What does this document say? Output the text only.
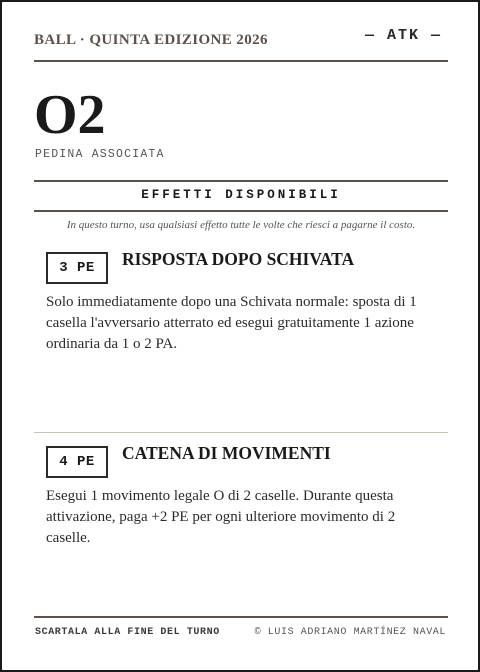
BALL · QUINTA EDIZIONE 2026	— ATK —
O2
PEDINA ASSOCIATA
EFFETTI DISPONIBILI
In questo turno, usa qualsiasi effetto tutte le volte che riesci a pagarne il costo.
3 PE	RISPOSTA DOPO SCHIVATA
Solo immediatamente dopo una Schivata normale: sposta di 1 casella l'avversario atterrato ed esegui gratuitamente 1 azione ordinaria da 1 o 2 PA.
4 PE	CATENA DI MOVIMENTI
Esegui 1 movimento legale O di 2 caselle. Durante questa attivazione, paga +2 PE per ogni ulteriore movimento di 2 caselle.
SCARTALA ALLA FINE DEL TURNO	© LUIS ADRIANO MARTÍNEZ NAVAL
